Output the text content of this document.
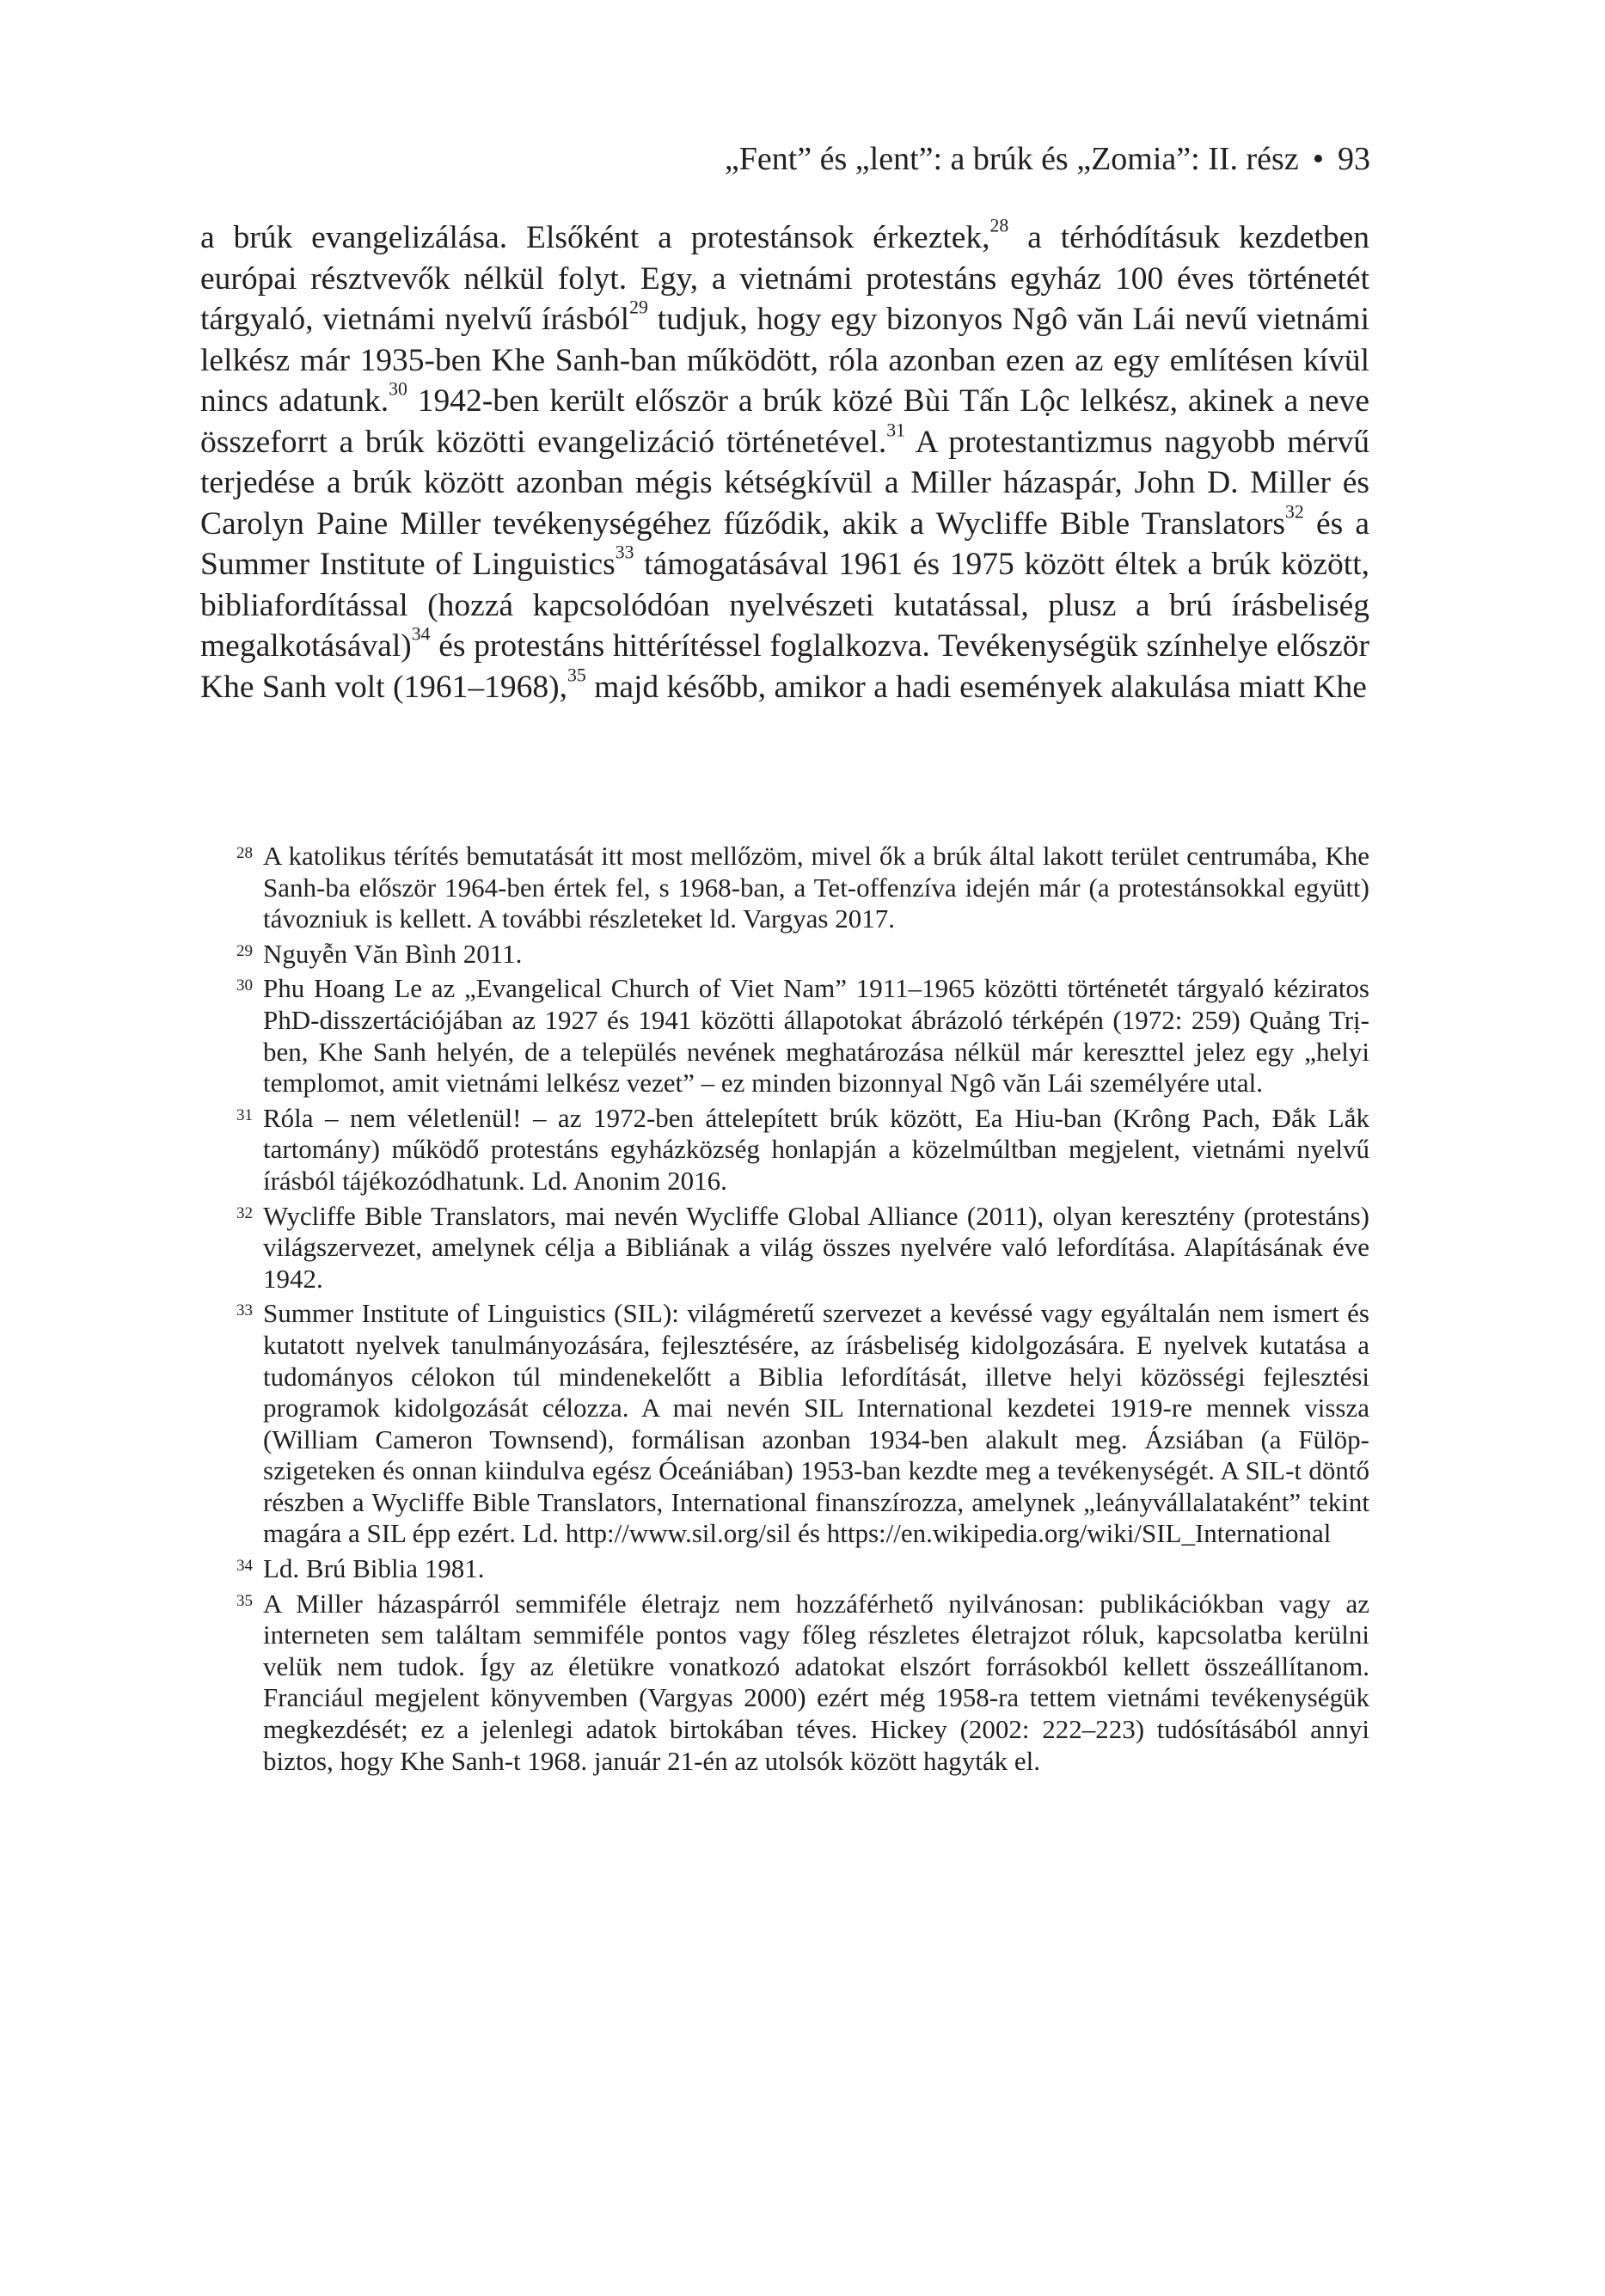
„Fent” és „lent”: a brúk és „Zomia”: II. rész • 93

a brúk evangelizálása. Elsőként a protestánsok érkeztek,$^{28}$ a térhódításuk kezdetben európai résztvevők nélkül folyt. Egy, a vietnámi protestáns egyház 100 éves történetét tárgyaló, vietnámi nyelvű írásból$^{29}$ tudjuk, hogy egy bizonyos Ngô văn Lái nevű vietnámi lelkész már 1935-ben Khe Sanh-ban működött, róla azonban ezen az egy említésen kívül nincs adatunk.$^{30}$ 1942-ben került először a brúk közé Bùi Tấn Lộc lelkész, akinek a neve összeforrt a brúk közötti evangelizáció történetével.$^{31}$ A protestantizmus nagyobb mérvű terjedése a brúk között azonban mégis kétségkívül a Miller házaspár, John D. Miller és Carolyn Paine Miller tevékenységéhez fűződik, akik a Wycliffe Bible Translators$^{32}$ és a Summer Institute of Linguistics$^{33}$ támogatásával 1961 és 1975 között éltek a brúk között, bibliafordítással (hozzá kapcsolódóan nyelvészeti kutatással, plusz a brú írásbeliség megalkotásával)$^{34}$ és protestáns hittérítéssel foglalkozva. Tevékenységük színhelye először Khe Sanh volt (1961–1968),$^{35}$ majd később, amikor a hadi események alakulása miatt Khe

28 A katolikus térítés bemutatását itt most mellőzöm, mivel ők a brúk által lakott terület centrumába, Khe Sanh-ba először 1964-ben értek fel, s 1968-ban, a Tet-offenzíva idején már (a protestánsokkal együtt) távozniuk is kellett. A további részleteket ld. Vargyas 2017.

29 Nguyễn Văn Bình 2011.

30 Phu Hoang Le az „Evangelical Church of Viet Nam” 1911–1965 közötti történetét tárgyaló kéziratos PhD-disszertációjában az 1927 és 1941 közötti állapotokat ábrázoló térképén (1972: 259) Quảng Trị-ben, Khe Sanh helyén, de a település nevének meghatározása nélkül már kereszttel jelez egy „helyi templomot, amit vietnámi lelkész vezet” – ez minden bizonnyal Ngô văn Lái személyére utal.

31 Róla – nem véletlenül! – az 1972-ben áttelepített brúk között, Ea Hiu-ban (Krông Pach, Đắk Lắk tartomány) működő protestáns egyházközség honlapján a közelmúltban megjelent, vietnámi nyelvű írásból tájékozódhatunk. Ld. Anonim 2016.

32 Wycliffe Bible Translators, mai nevén Wycliffe Global Alliance (2011), olyan keresztény (protestáns) világszervezet, amelynek célja a Bibliának a világ összes nyelvére való lefordítása. Alapításának éve 1942.

33 Summer Institute of Linguistics (SIL): világméretű szervezet a kevéssé vagy egyáltalán nem ismert és kutatott nyelvek tanulmányozására, fejlesztésére, az írásbeliség kidolgozására. E nyelvek kutatása a tudományos célokon túl mindenekelőtt a Biblia lefordítását, illetve helyi közösségi fejlesztési programok kidolgozását célozza. A mai nevén SIL International kezdetei 1919-re mennek vissza (William Cameron Townsend), formálisan azonban 1934-ben alakult meg. Ázsiában (a Fülöp-szigeteken és onnan kiindulva egész Óceániában) 1953-ban kezdte meg a tevékenységét. A SIL-t döntő részben a Wycliffe Bible Translators, International finanszírozza, amelynek „leányvállalataként” tekint magára a SIL épp ezért. Ld. http://www.sil.org/sil és https://en.wikipedia.org/wiki/SIL_International

34 Ld. Brú Biblia 1981.

35 A Miller házaspárról semmiféle életrajz nem hozzáférhető nyilvánosan: publikációkban vagy az interneten sem találtam semmiféle pontos vagy főleg részletes életrajzot róluk, kapcsolatba kerülni velük nem tudok. Így az életükre vonatkozó adatokat elszórt forrásokból kellett összeállítanom. Franciául megjelent könyvemben (Vargyas 2000) ezért még 1958-ra tettem vietnámi tevékenységük megkezdését; ez a jelenlegi adatok birtokában téves. Hickey (2002: 222–223) tudósításából annyi biztos, hogy Khe Sanh-t 1968. január 21-én az utolsók között hagyták el.
